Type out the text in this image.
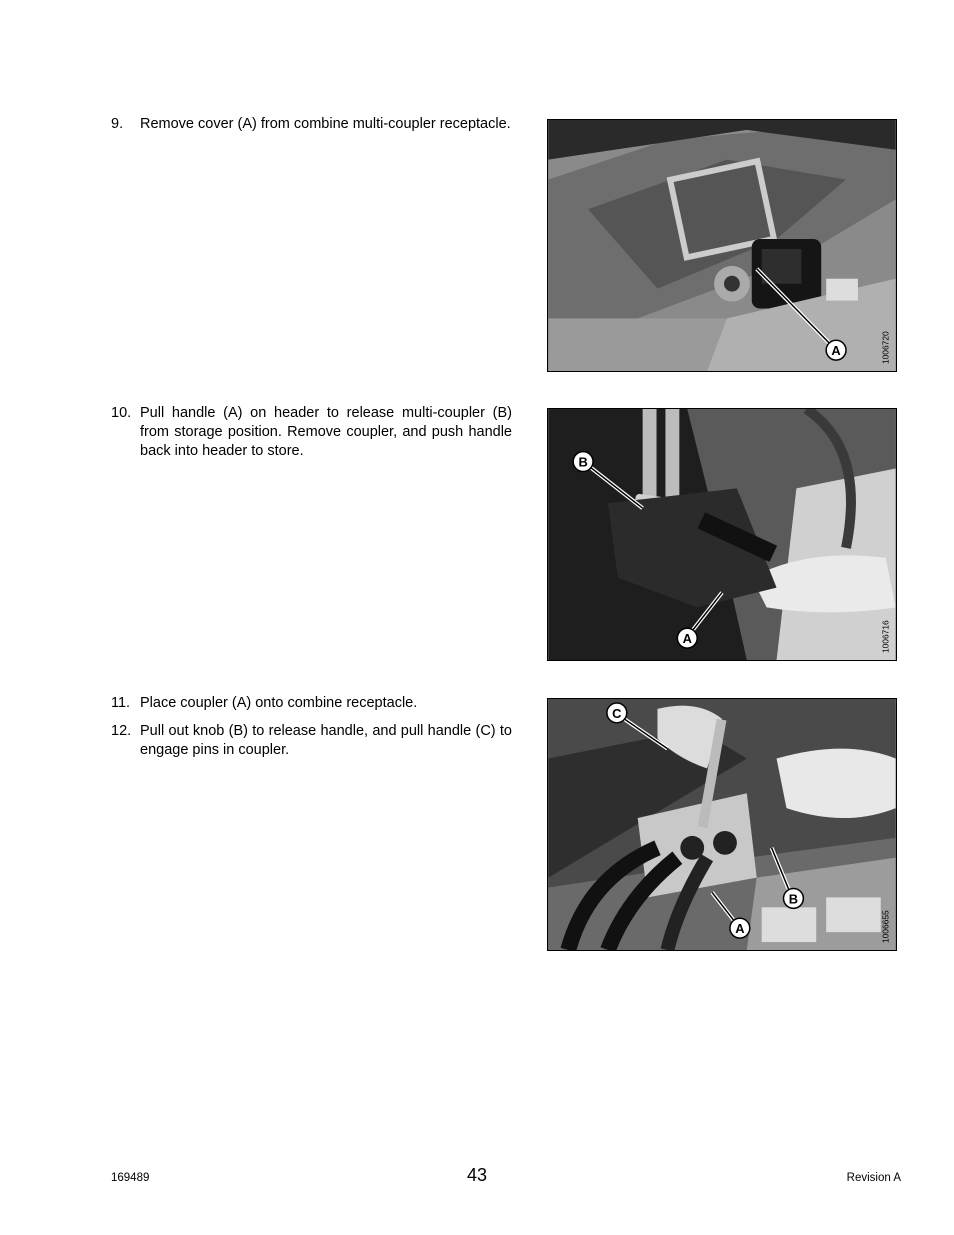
9. Remove cover (A) from combine multi-coupler receptacle.
A	1006720
10. Pull handle (A) on header to release multi-coupler (B) from storage position. Remove coupler, and push handle back into header to store.
B
A	1006716
11. Place coupler (A) onto combine receptacle.
12. Pull out knob (B) to release handle, and pull handle (C) to engage pins in coupler.
C
B
A	1006655
169489	43	Revision A
